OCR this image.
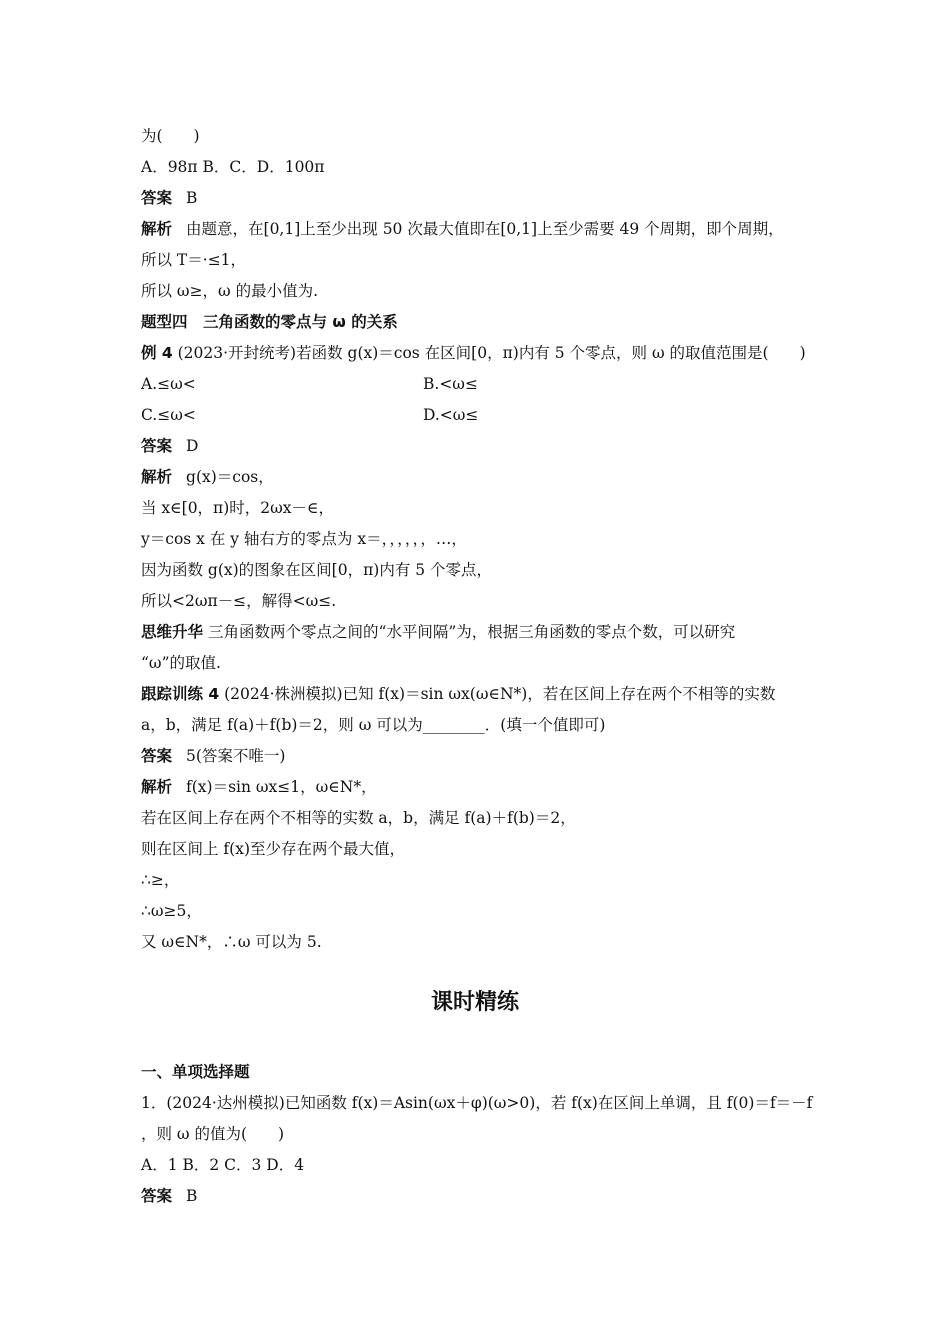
为(　　)
A．98π B．C．D．100π
答案 B
解析 由题意，在[0,1]上至少出现 50 次最大值即在[0,1]上至少需要 49 个周期，即个周期，
所以 T＝·≤1，
所以 ω≥，ω 的最小值为.
题型四　三角函数的零点与 ω 的关系
例 4 (2023·开封统考)若函数 g(x)＝cos 在区间[0，π)内有 5 个零点，则 ω 的取值范围是(　　)
A.≤ω<	B.<ω≤
C.≤ω<	D.<ω≤
答案 D
解析 g(x)＝cos，
当 x∈[0，π)时，2ωx－∈，
y＝cos x 在 y 轴右方的零点为 x＝，，，，，，…，
因为函数 g(x)的图象在区间[0，π)内有 5 个零点，
所以<2ωπ－≤，解得<ω≤.
思维升华 三角函数两个零点之间的“水平间隔”为，根据三角函数的零点个数，可以研究
“ω”的取值.
跟踪训练 4 (2024·株洲模拟)已知 f(x)＝sin ωx(ω∈N*)，若在区间上存在两个不相等的实数
a，b，满足 f(a)＋f(b)＝2，则 ω 可以为________．(填一个值即可)
答案 5(答案不唯一)
解析 f(x)＝sin ωx≤1，ω∈N*，
若在区间上存在两个不相等的实数 a，b，满足 f(a)＋f(b)＝2，
则在区间上 f(x)至少存在两个最大值，
∴≥，
∴ω≥5，
又 ω∈N*，∴ω 可以为 5.
课时精练
一、单项选择题
1．(2024·达州模拟)已知函数 f(x)＝Asin(ωx＋φ)(ω>0)，若 f(x)在区间上单调，且 f(0)＝f＝－f
，则 ω 的值为(　　)
A．1 B．2 C．3 D．4
答案 B
